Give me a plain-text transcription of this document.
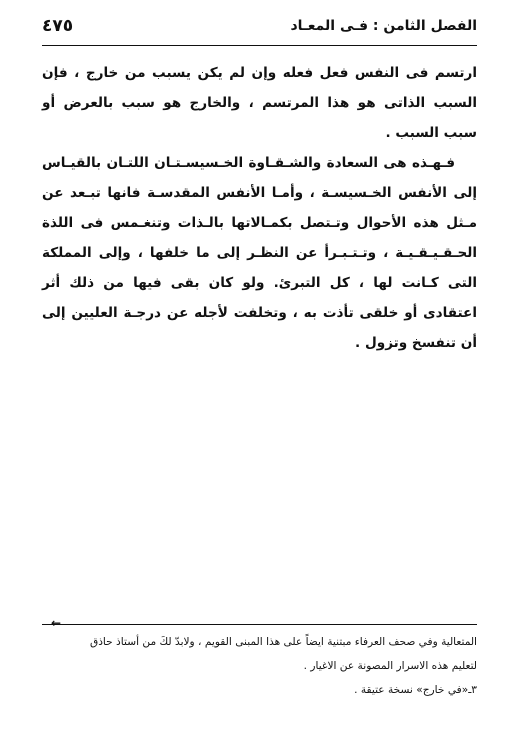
الفصل الثامن : فـى المعـاد
٤٧٥

ارتسم فى النفس فعل فعله وإن لم يكن يسبب من خارج ، فإن السبب الذاتى هو هذا المرتسم ، والخارج هو سبب بالعرض أو سبب السبب .

فـهـذه هى السعادة والشـقـاوة الخـسيسـتـان اللتـان بالقيـاس إلى الأنفس الخـسيسـة ، وأمـا الأنفس المقدسـة فانها تبـعد عن مـثل هذه الأحوال وتـتصل بكمـالاتها بالـذات وتنغـمس فى اللذة الحـقـيـقـيـة ، وتـتـبـرأ عن النظـر إلى ما خلفها ، وإلى المملكة التى كـانت لها ، كل التبرئ. ولو كان بقى فيها من ذلك أثر اعتقادى أو خلقى تأذت به ، وتخلفت لأجله عن درجـة العليين إلى أن تنفسخ وتزول .

←

المتعالية وفي صحف العرفاء مبتنية ايضاً على هذا المبنى القويم ، ولابدّ لكَ من أستاذ حاذق

لتعليم هذه الاسرار المصونة عن الاغيار .

٣ـ«في خارج» نسخة عتيقة .
